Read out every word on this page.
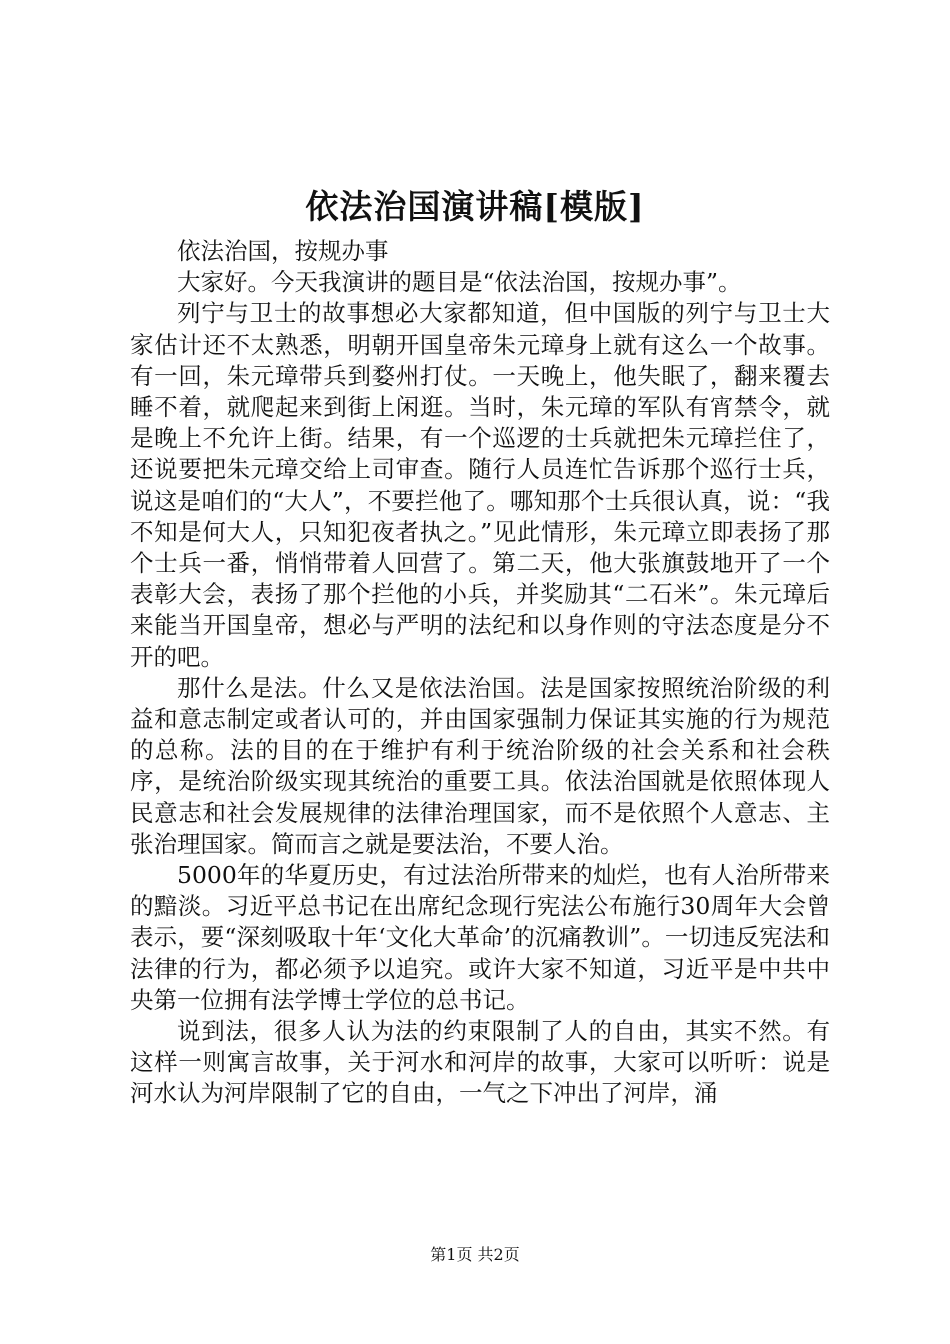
依法治国演讲稿[模版]

依法治国，按规办事

大家好。今天我演讲的题目是“依法治国，按规办事”。

列宁与卫士的故事想必大家都知道，但中国版的列宁与卫士大家估计还不太熟悉，明朝开国皇帝朱元璋身上就有这么一个故事。有一回，朱元璋带兵到婺州打仗。一天晚上，他失眠了，翻来覆去睡不着，就爬起来到街上闲逛。当时，朱元璋的军队有宵禁令，就是晚上不允许上街。结果，有一个巡逻的士兵就把朱元璋拦住了，还说要把朱元璋交给上司审查。随行人员连忙告诉那个巡行士兵，说这是咱们的“大人”，不要拦他了。哪知那个士兵很认真，说：“我不知是何大人，只知犯夜者执之。”见此情形，朱元璋立即表扬了那个士兵一番，悄悄带着人回营了。第二天，他大张旗鼓地开了一个表彰大会，表扬了那个拦他的小兵，并奖励其“二石米”。朱元璋后来能当开国皇帝，想必与严明的法纪和以身作则的守法态度是分不开的吧。

那什么是法。什么又是依法治国。法是国家按照统治阶级的利益和意志制定或者认可的，并由国家强制力保证其实施的行为规范的总称。法的目的在于维护有利于统治阶级的社会关系和社会秩序，是统治阶级实现其统治的重要工具。依法治国就是依照体现人民意志和社会发展规律的法律治理国家，而不是依照个人意志、主张治理国家。简而言之就是要法治，不要人治。

5000年的华夏历史，有过法治所带来的灿烂，也有人治所带来的黯淡。习近平总书记在出席纪念现行宪法公布施行30周年大会曾表示，要“深刻吸取十年‘文化大革命’的沉痛教训”。一切违反宪法和法律的行为，都必须予以追究。或许大家不知道，习近平是中共中央第一位拥有法学博士学位的总书记。

说到法，很多人认为法的约束限制了人的自由，其实不然。有这样一则寓言故事，关于河水和河岸的故事，大家可以听听：说是河水认为河岸限制了它的自由，一气之下冲出了河岸，涌

第1页 共2页
